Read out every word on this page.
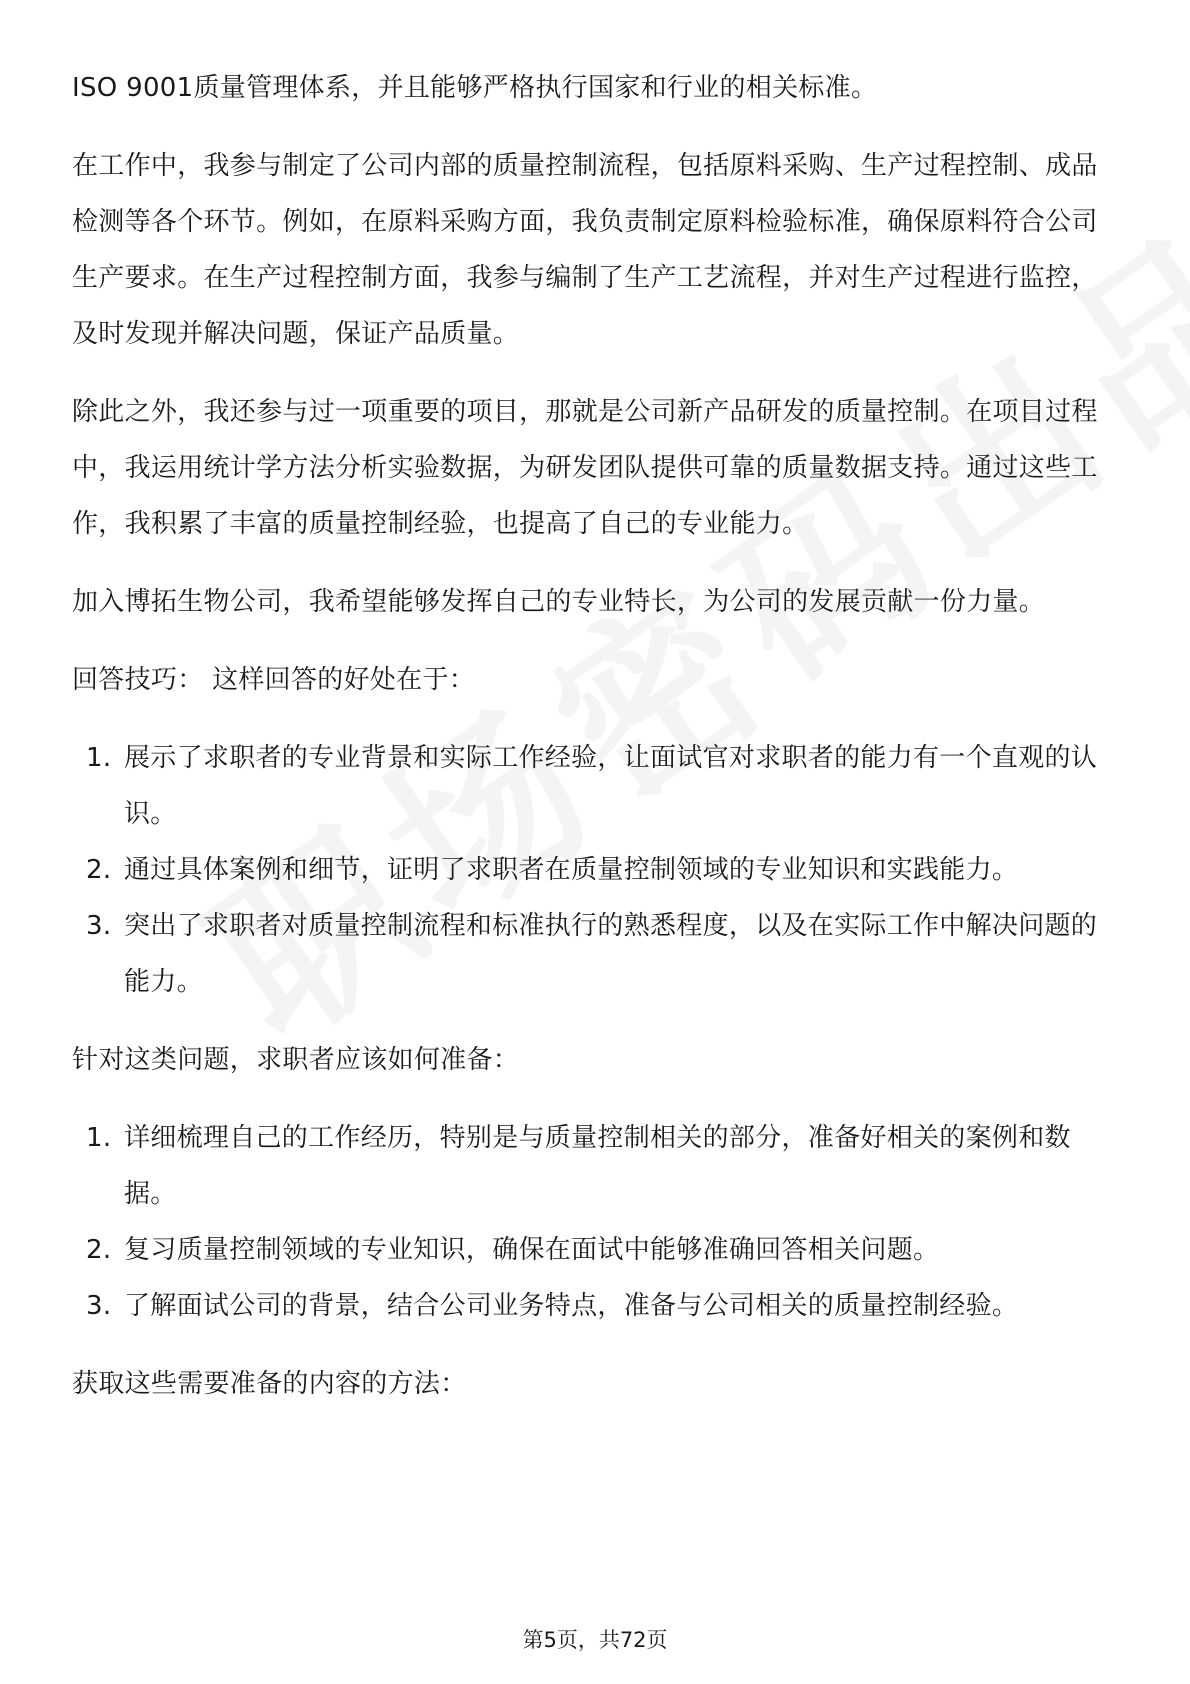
ISO 9001质量管理体系，并且能够严格执行国家和行业的相关标准。

在工作中，我参与制定了公司内部的质量控制流程，包括原料采购、生产过程控制、成品检测等各个环节。例如，在原料采购方面，我负责制定原料检验标准，确保原料符合公司生产要求。在生产过程控制方面，我参与编制了生产工艺流程，并对生产过程进行监控，及时发现并解决问题，保证产品质量。

除此之外，我还参与过一项重要的项目，那就是公司新产品研发的质量控制。在项目过程中，我运用统计学方法分析实验数据，为研发团队提供可靠的质量数据支持。通过这些工作，我积累了丰富的质量控制经验，也提高了自己的专业能力。

加入博拓生物公司，我希望能够发挥自己的专业特长，为公司的发展贡献一份力量。

回答技巧： 这样回答的好处在于：

1. 展示了求职者的专业背景和实际工作经验，让面试官对求职者的能力有一个直观的认识。
2. 通过具体案例和细节，证明了求职者在质量控制领域的专业知识和实践能力。
3. 突出了求职者对质量控制流程和标准执行的熟悉程度，以及在实际工作中解决问题的能力。

针对这类问题，求职者应该如何准备：

1. 详细梳理自己的工作经历，特别是与质量控制相关的部分，准备好相关的案例和数据。
2. 复习质量控制领域的专业知识，确保在面试中能够准确回答相关问题。
3. 了解面试公司的背景，结合公司业务特点，准备与公司相关的质量控制经验。

获取这些需要准备的内容的方法：

第5页，共72页
